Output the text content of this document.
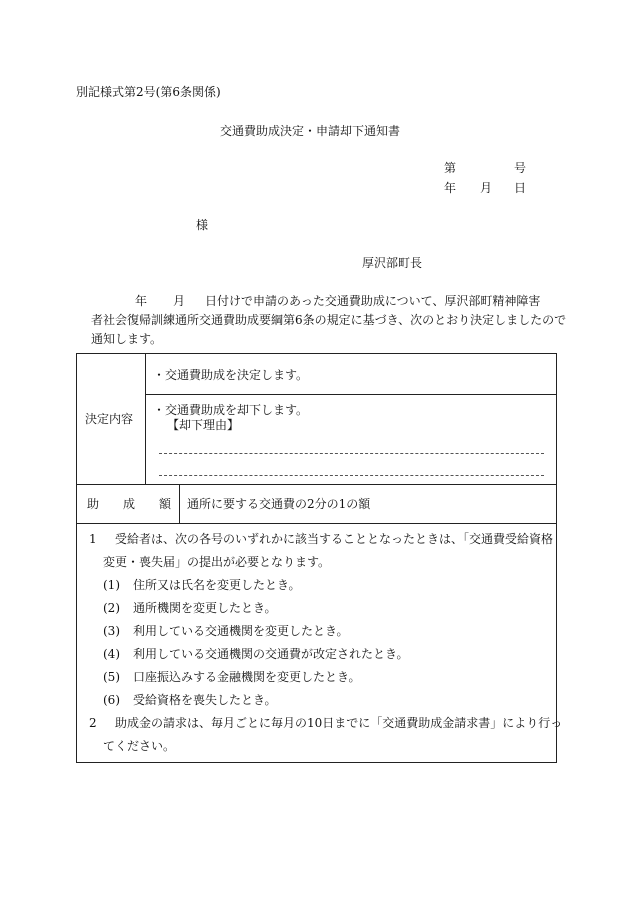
別記様式第2号(第6条関係)
交通費助成決定・申請却下通知書
第	号
年 月 日
様
厚沢部町長
年 月 日付けで申請のあった交通費助成について、厚沢部町精神障害
者社会復帰訓練通所交通費助成要綱第6条の規定に基づき、次のとおり決定しましたので
通知します。
決定内容
・交通費助成を決定します。
・交通費助成を却下します。
【却下理由】
助　　成　　額 通所に要する交通費の2分の1の額
1 受給者は、次の各号のいずれかに該当することとなったときは、「交通費受給資格
変更・喪失届」の提出が必要となります。
(1) 住所又は氏名を変更したとき。
(2) 通所機関を変更したとき。
(3) 利用している交通機関を変更したとき。
(4) 利用している交通機関の交通費が改定されたとき。
(5) 口座振込みする金融機関を変更したとき。
(6) 受給資格を喪失したとき。
2 助成金の請求は、毎月ごとに毎月の10日までに「交通費助成金請求書」により行っ
てください。
